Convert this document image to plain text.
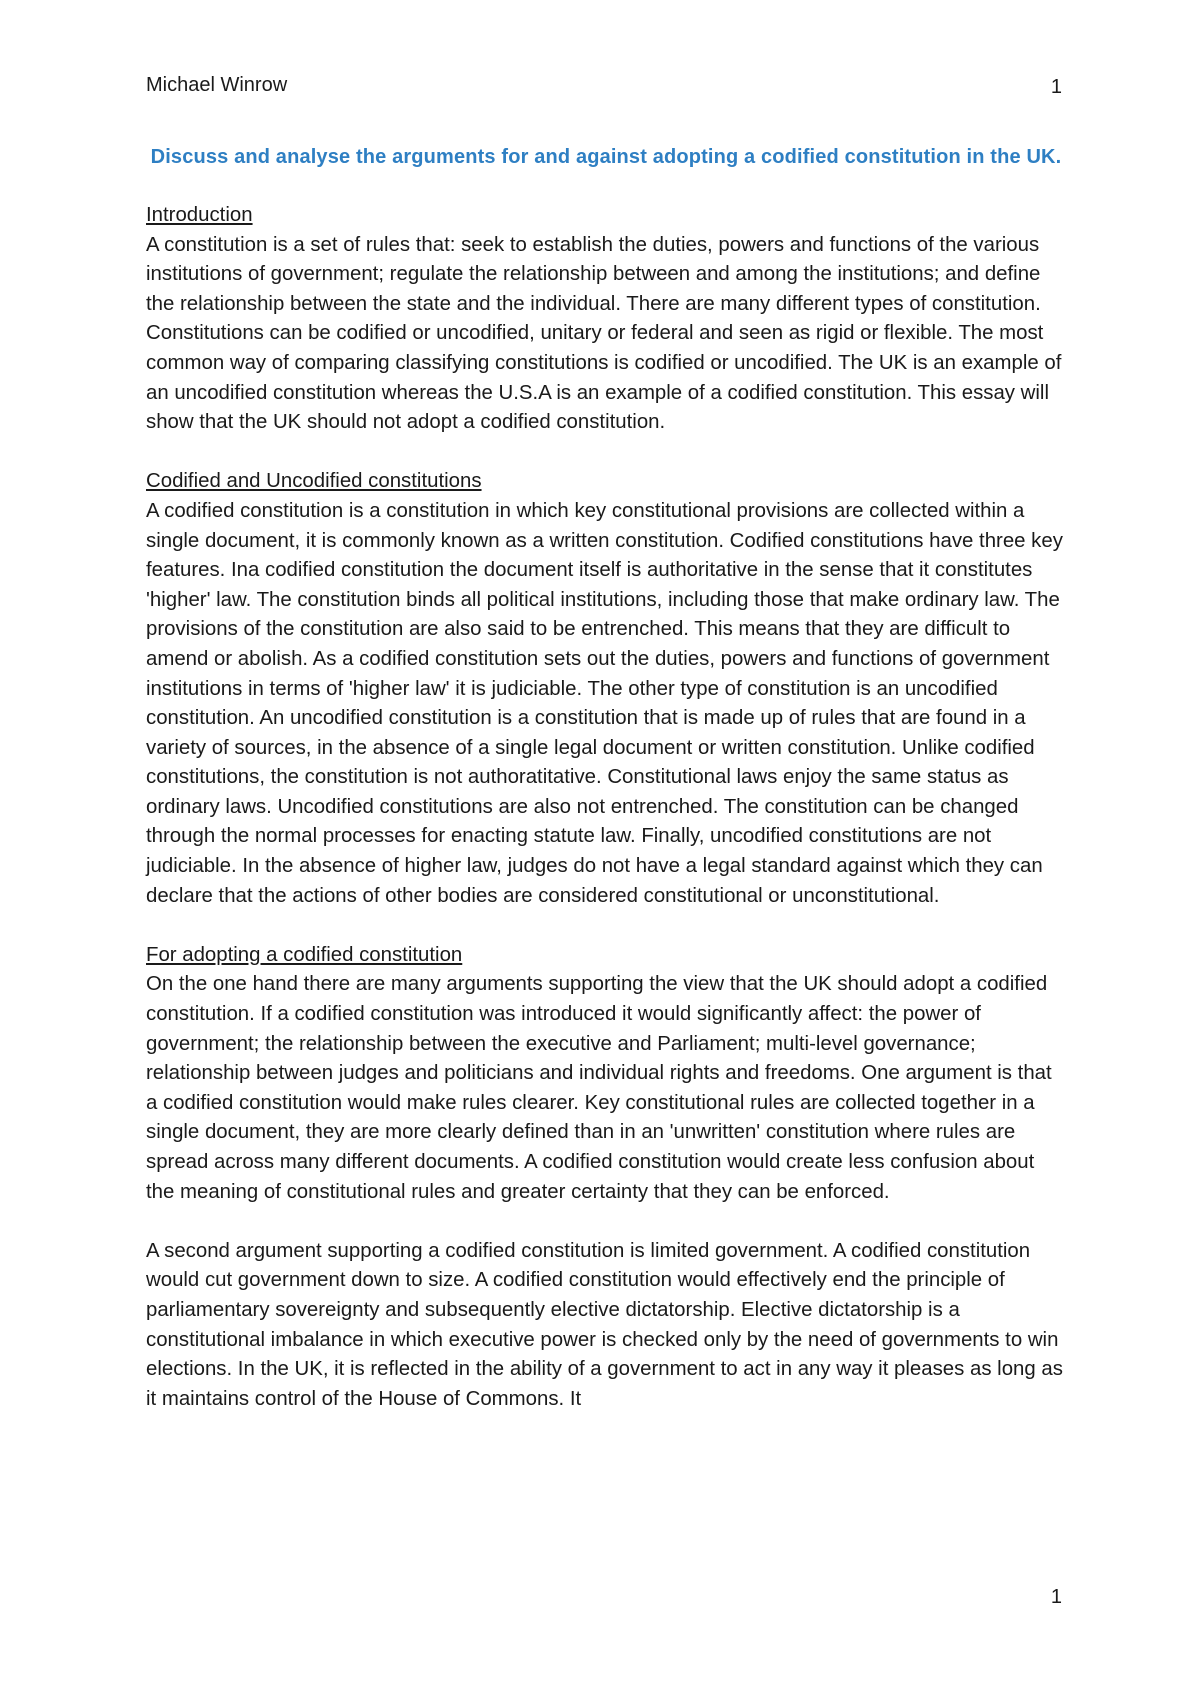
Michael Winrow	1
Discuss and analyse the arguments for and against adopting a codified constitution in the UK.
Introduction

A constitution is a set of rules that: seek to establish the duties, powers and functions of the various institutions of government; regulate the relationship between and among the institutions; and define the relationship between the state and the individual. There are many different types of constitution. Constitutions can be codified or uncodified, unitary or federal and seen as rigid or flexible. The most common way of comparing classifying constitutions is codified or uncodified. The UK is an example of an uncodified constitution whereas the U.S.A is an example of a codified constitution. This essay will show that the UK should not adopt a codified constitution.

Codified and Uncodified constitutions

A codified constitution is a constitution in which key constitutional provisions are collected within a single document, it is commonly known as a written constitution. Codified constitutions have three key features. Ina codified constitution the document itself is authoritative in the sense that it constitutes 'higher' law. The constitution binds all political institutions, including those that make ordinary law. The provisions of the constitution are also said to be entrenched. This means that they are difficult to amend or abolish. As a codified constitution sets out the duties, powers and functions of government institutions in terms of 'higher law' it is judiciable. The other type of constitution is an uncodified constitution. An uncodified constitution is a constitution that is made up of rules that are found in a variety of sources, in the absence of a single legal document or written constitution. Unlike codified constitutions, the constitution is not authoratitative. Constitutional laws enjoy the same status as ordinary laws. Uncodified constitutions are also not entrenched. The constitution can be changed through the normal processes for enacting statute law. Finally, uncodified constitutions are not judiciable. In the absence of higher law, judges do not have a legal standard against which they can declare that the actions of other bodies are considered constitutional or unconstitutional.

For adopting a codified constitution

On the one hand there are many arguments supporting the view that the UK should adopt a codified constitution. If a codified constitution was introduced it would significantly affect: the power of government; the relationship between the executive and Parliament; multi-level governance; relationship between judges and politicians and individual rights and freedoms. One argument is that a codified constitution would make rules clearer. Key constitutional rules are collected together in a single document, they are more clearly defined than in an 'unwritten' constitution where rules are spread across many different documents. A codified constitution would create less confusion about the meaning of constitutional rules and greater certainty that they can be enforced.

A second argument supporting a codified constitution is limited government. A codified constitution would cut government down to size. A codified constitution would effectively end the principle of parliamentary sovereignty and subsequently elective dictatorship. Elective dictatorship is a constitutional imbalance in which executive power is checked only by the need of governments to win elections. In the UK, it is reflected in the ability of a government to act in any way it pleases as long as it maintains control of the House of Commons. It

1
